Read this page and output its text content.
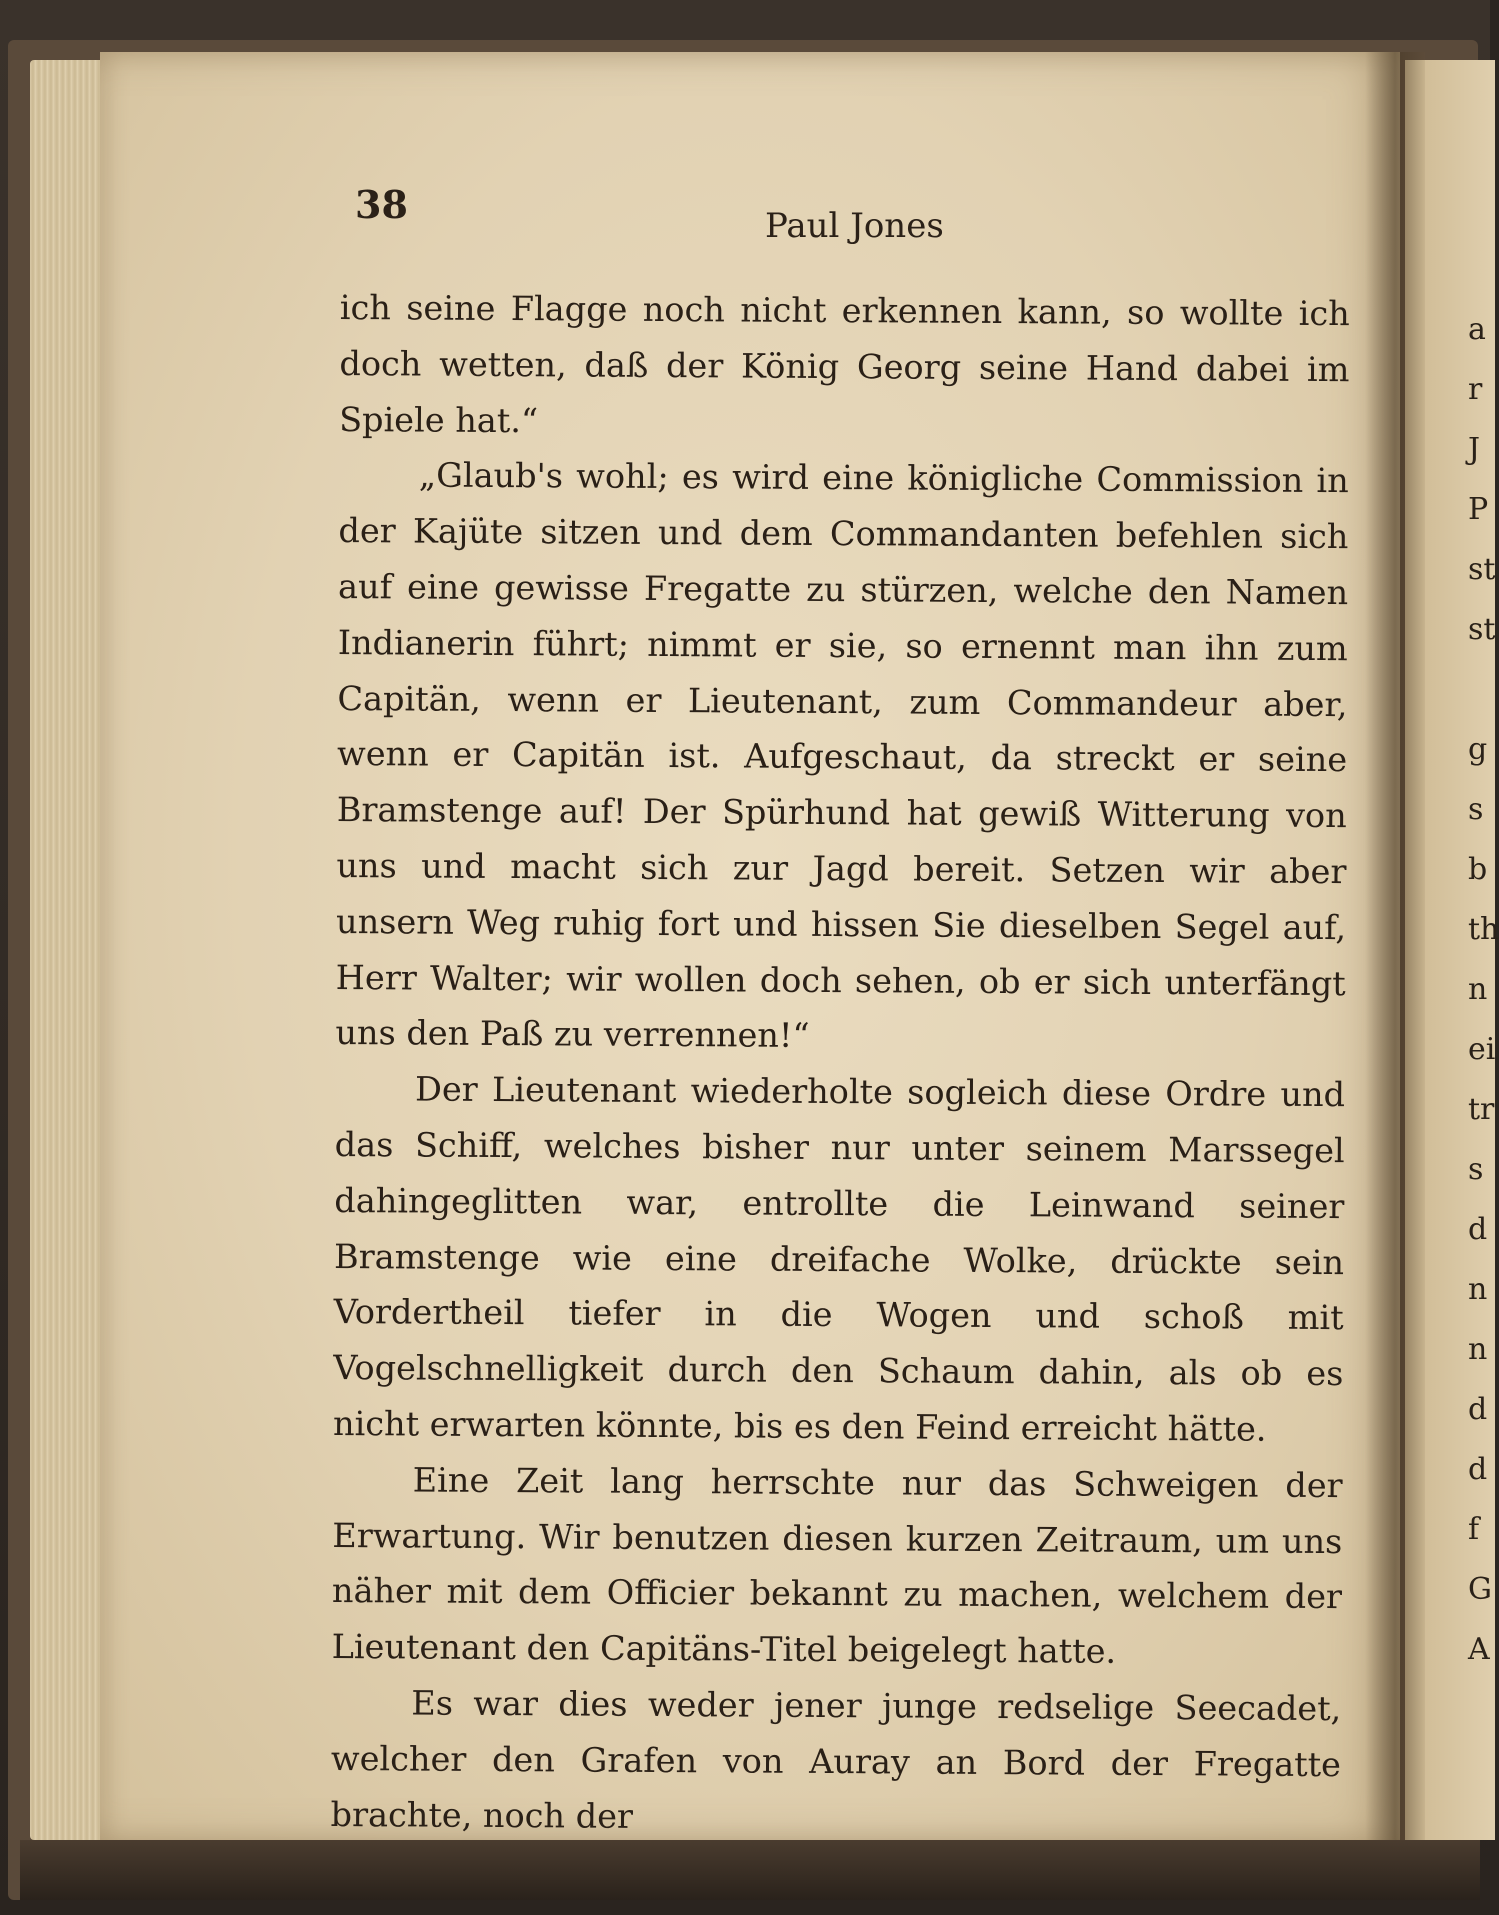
38	Paul Jones

ich seine Flagge noch nicht erkennen kann, so wollte ich doch wetten, daß der König Georg seine Hand dabei im Spiele hat.“

„Glaub's wohl; es wird eine königliche Commission in der Kajüte sitzen und dem Commandanten befehlen sich auf eine gewisse Fregatte zu stürzen, welche den Namen Indianerin führt; nimmt er sie, so ernennt man ihn zum Capitän, wenn er Lieutenant, zum Commandeur aber, wenn er Capitän ist. Aufgeschaut, da streckt er seine Bramstenge auf! Der Spürhund hat gewiß Witterung von uns und macht sich zur Jagd bereit. Setzen wir aber unsern Weg ruhig fort und hissen Sie dieselben Segel auf, Herr Walter; wir wollen doch sehen, ob er sich unterfängt uns den Paß zu verrennen!“

Der Lieutenant wiederholte sogleich diese Ordre und das Schiff, welches bisher nur unter seinem Marssegel dahingeglitten war, entrollte die Leinwand seiner Bramstenge wie eine dreifache Wolke, drückte sein Vordertheil tiefer in die Wogen und schoß mit Vogelschnelligkeit durch den Schaum dahin, als ob es nicht erwarten könnte, bis es den Feind erreicht hätte.

Eine Zeit lang herrschte nur das Schweigen der Erwartung. Wir benutzen diesen kurzen Zeitraum, um uns näher mit dem Officier bekannt zu machen, welchem der Lieutenant den Capitäns-Titel beigelegt hatte.

Es war dies weder jener junge redselige Seecadet, welcher den Grafen von Auray an Bord der Fregatte brachte, noch der

a
r
J
P
st
st
g
s
b
th
n
ei
tr
s
d
n
n
d
d
f
G
A
